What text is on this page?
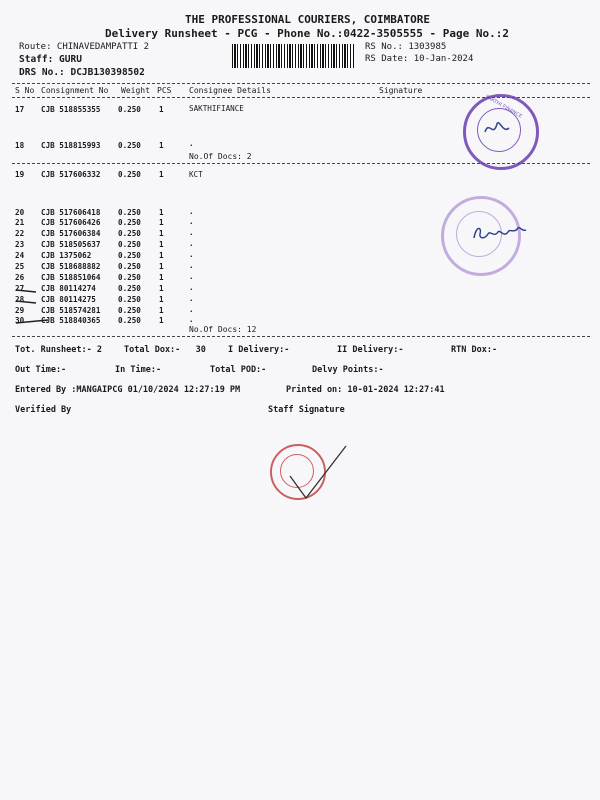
THE PROFESSIONAL COURIERS, COIMBATORE
Delivery Runsheet - PCG - Phone No.:0422-3505555 - Page No.:2
Route: CHINAVEDAMPATTI 2
Staff: GURU
DRS No.: DCJB130398502
RS No.: 1303985
RS Date: 10-Jan-2024
S No Consignment No Weight PCS Consignee Details	Signature
17 CJB 518855355 0.250 1	SAKTHIFIANCE
18 CJB 518815993 0.250 1	.
No.Of Docs: 2
19 CJB 517606332 0.250 1	KCT
20 CJB 517606418 0.250 1	.
21 CJB 517606426 0.250 1	.
22 CJB 517606384 0.250 1	.
23 CJB 518505637 0.250 1	.
24 CJB 1375062	0.250 1	.
25 CJB 518688882 0.250 1	.
26 CJB 518851064 0.250 1	.
27 CJB 80114274	0.250 1	.
28 CJB 80114275	0.250 1	.
29 CJB 518574281 0.250 1	.
30 CJB 518840365 0.250 1	.
No.Of Docs: 12
Tot. Runsheet:- 2	Total Dox:-   30	I Delivery:-	II Delivery:-	RTN Dox:-
Out Time:-	In Time:-	Total POD:-	Delvy Points:-
Entered By :MANGAIPCG 01/10/2024 12:27:19 PM	Printed on: 10-01-2024 12:27:41
Verified By	Staff Signature
SAKTHI FINANCE
